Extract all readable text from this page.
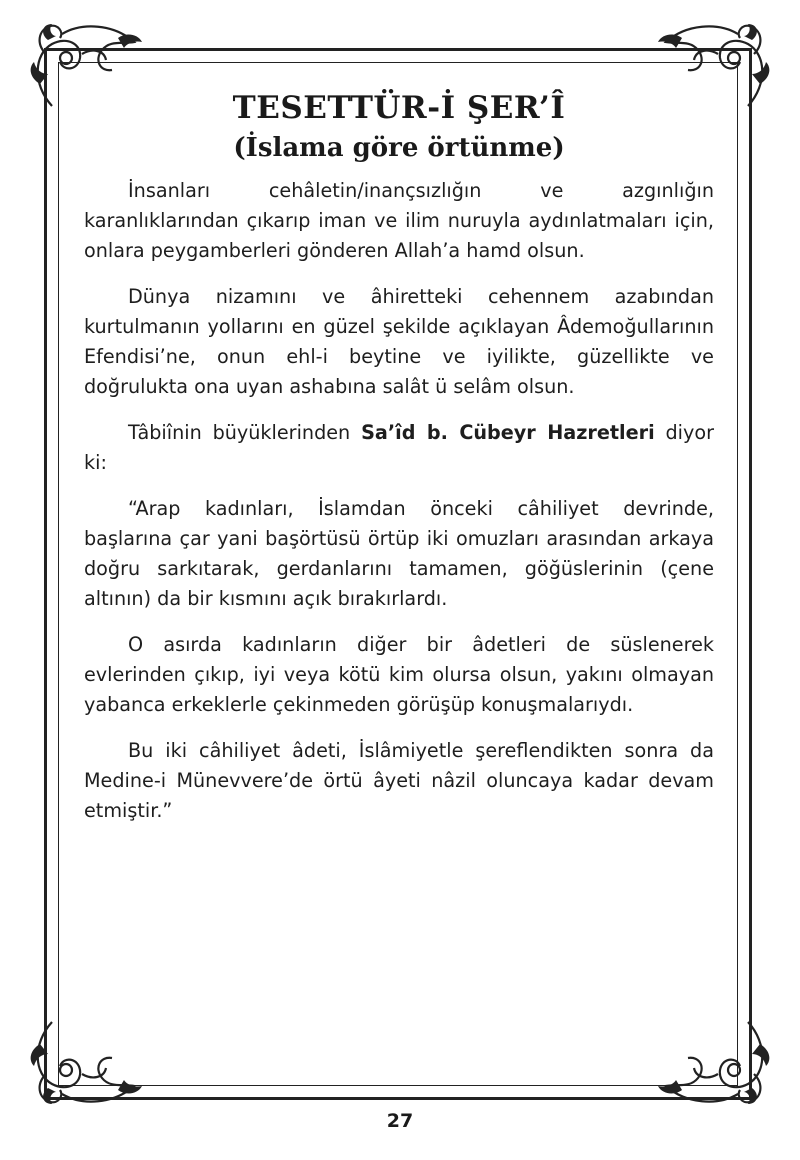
TESETTÜR-İ ŞER’Î
(İslama göre örtünme)

İnsanları cehâletin/inançsızlığın ve azgınlığın karanlıklarından çıkarıp iman ve ilim nuruyla aydınlatmaları için, onlara peygamberleri gönderen Allah’a hamd olsun.

Dünya nizamını ve âhiretteki cehennem azabından kurtulmanın yollarını en güzel şekilde açıklayan Âdemoğullarının Efendisi’ne, onun ehl-i beytine ve iyilikte, güzellikte ve doğrulukta ona uyan ashabına salât ü selâm olsun.

Tâbiînin büyüklerinden Sa’îd b. Cübeyr Hazretleri diyor ki:

“Arap kadınları, İslamdan önceki câhiliyet devrinde, başlarına çar yani başörtüsü örtüp iki omuzları arasından arkaya doğru sarkıtarak, gerdanlarını tamamen, göğüslerinin (çene altının) da bir kısmını açık bırakırlardı.

O asırda kadınların diğer bir âdetleri de süslenerek evlerinden çıkıp, iyi veya kötü kim olursa olsun, yakını olmayan yabanca erkeklerle çekinmeden görüşüp konuşmalarıydı.

Bu iki câhiliyet âdeti, İslâmiyetle şereflendikten sonra da Medine-i Münevvere’de örtü âyeti nâzil oluncaya kadar devam etmiştir.”

27
